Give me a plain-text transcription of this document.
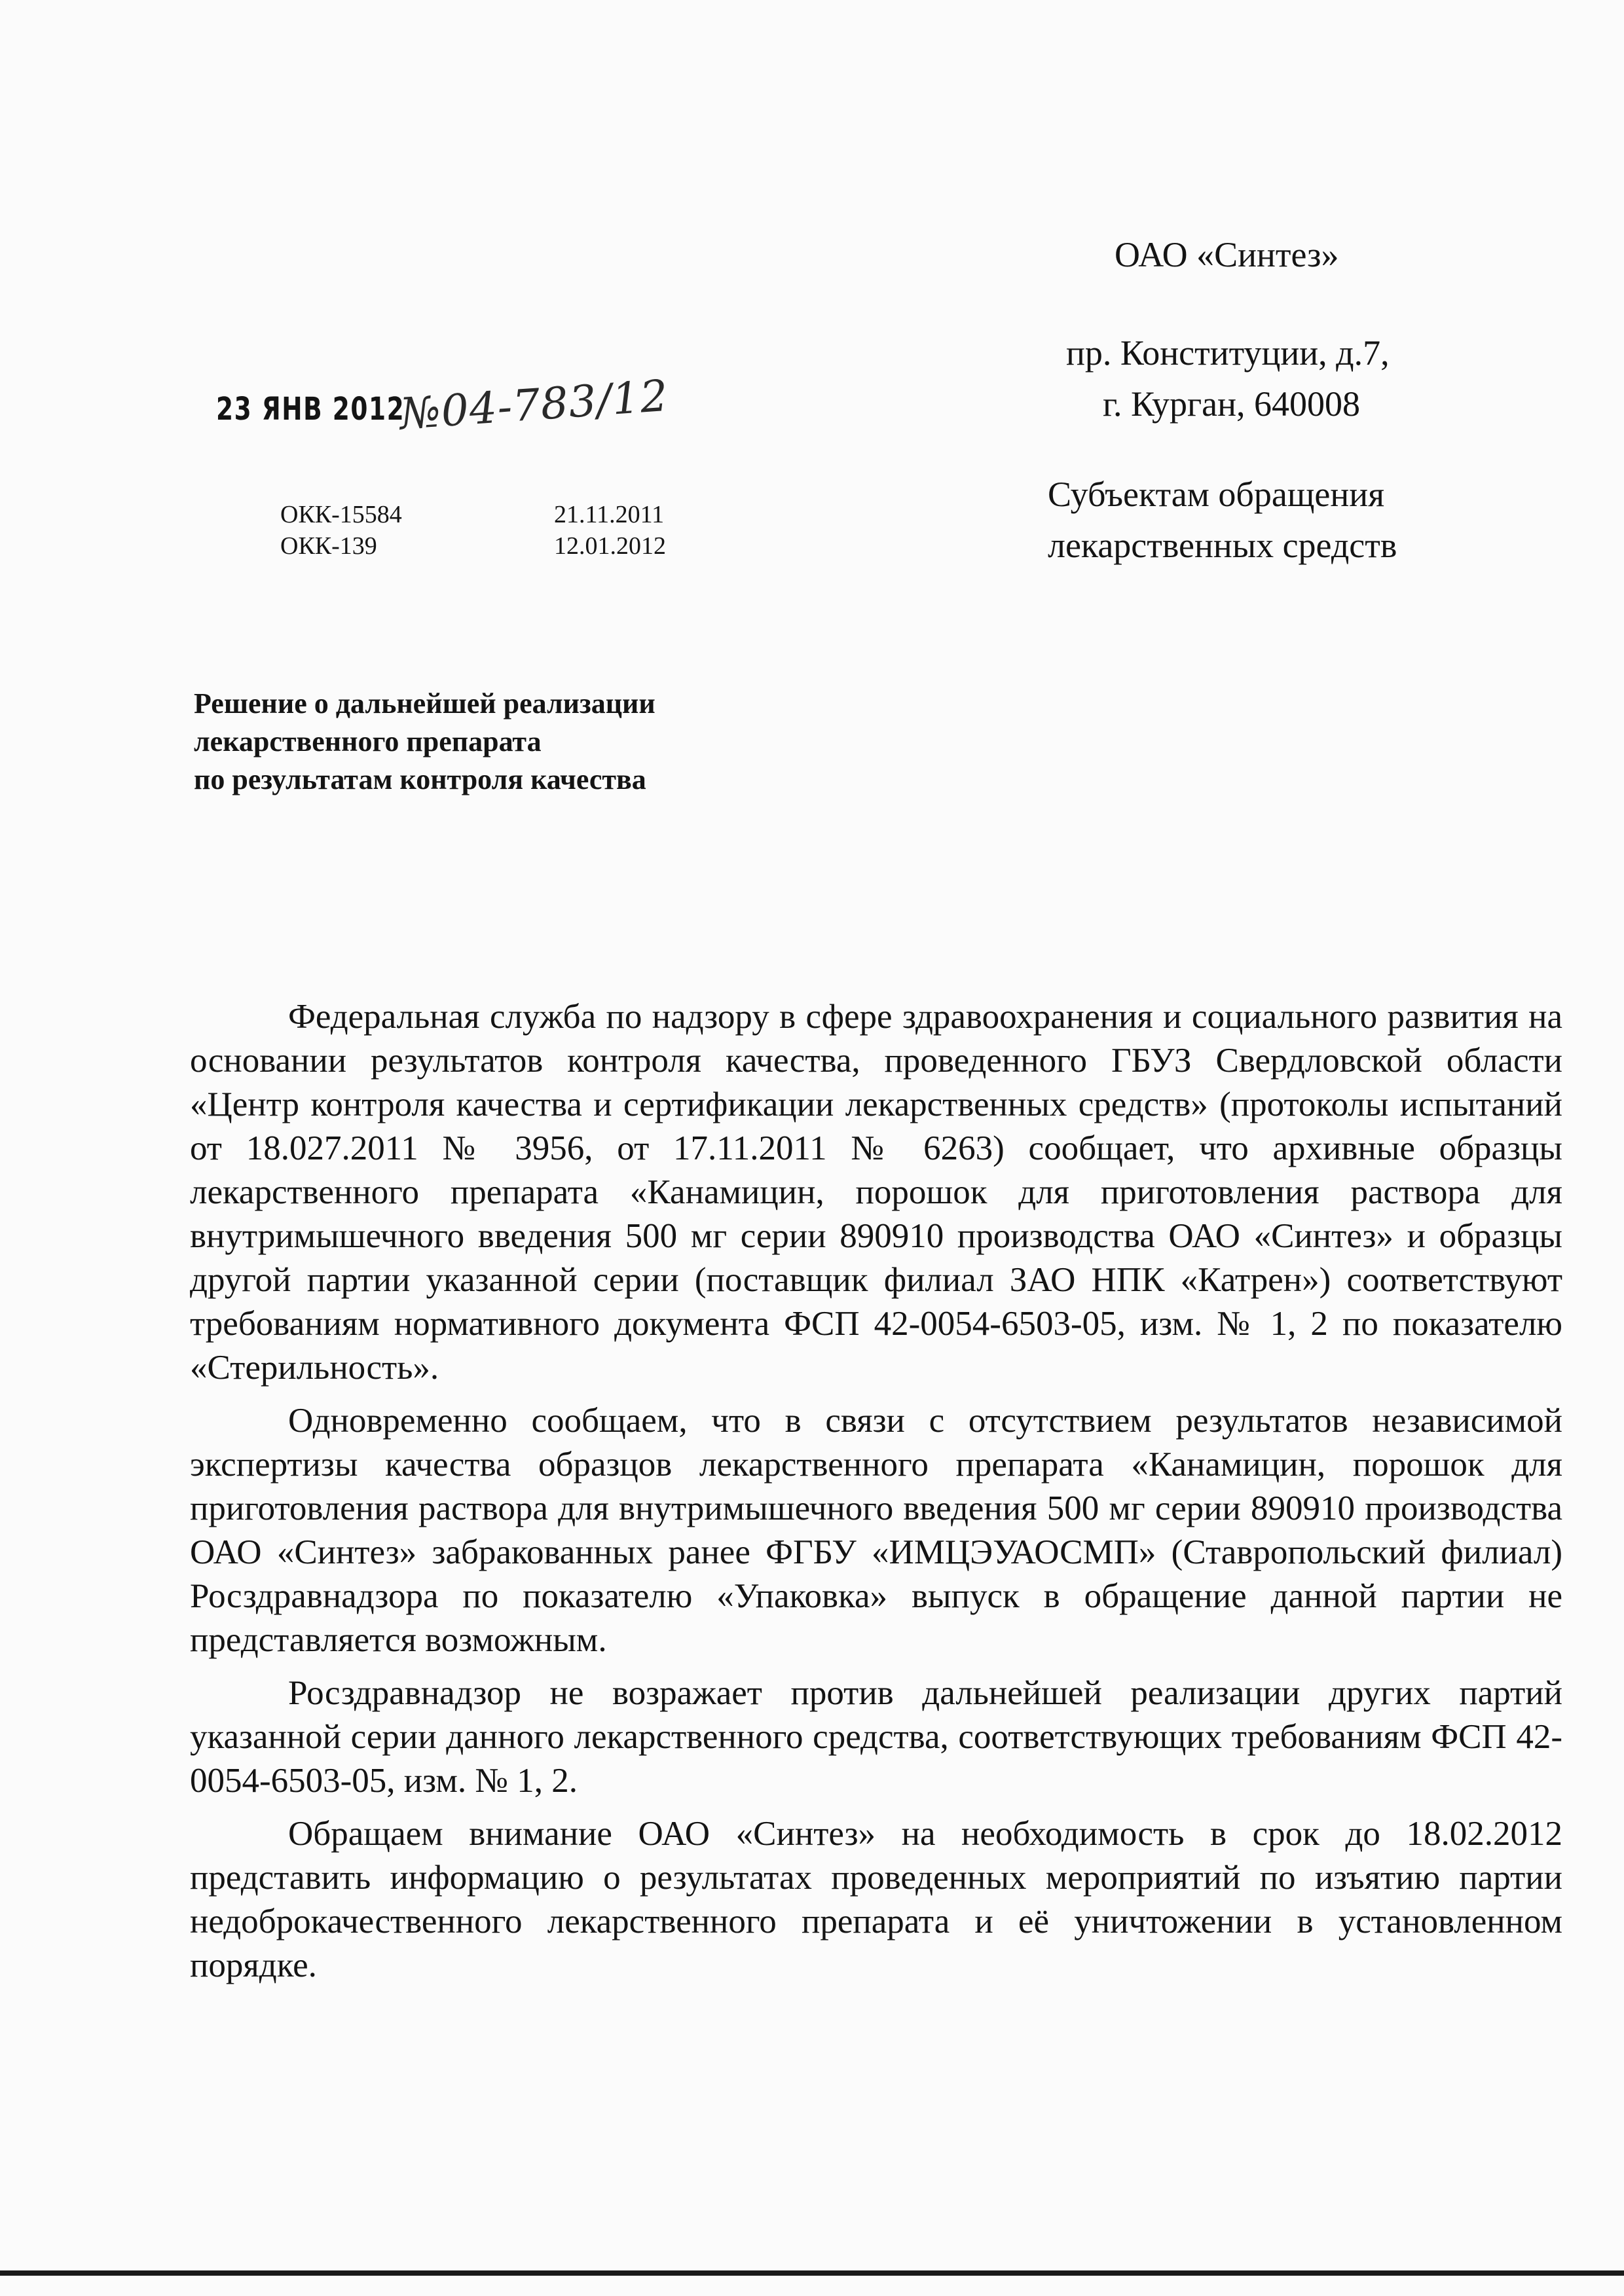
ОАО «Синтез»
пр. Конституции, д.7,
г. Курган, 640008
Субъектам обращения
лекарственных средств
23 ЯНВ 2012
№04-783/12
ОКК-15584	21.11.2011
ОКК-139	12.01.2012
Решение о дальнейшей реализации
лекарственного препарата
по результатам контроля качества

Федеральная служба по надзору в сфере здравоохранения и социального развития на основании результатов контроля качества, проведенного ГБУЗ Свердловской области «Центр контроля качества и сертификации лекарственных средств» (протоколы испытаний от 18.027.2011 № 3956, от 17.11.2011 № 6263) сообщает, что архивные образцы лекарственного препарата «Канамицин, порошок для приготовления раствора для внутримышечного введения 500 мг серии 890910 производства ОАО «Синтез» и образцы другой партии указанной серии (поставщик филиал ЗАО НПК «Катрен») соответствуют требованиям нормативного документа ФСП 42-0054-6503-05, изм. № 1, 2 по показателю «Стерильность».

Одновременно сообщаем, что в связи с отсутствием результатов независимой экспертизы качества образцов лекарственного препарата «Канамицин, порошок для приготовления раствора для внутримышечного введения 500 мг серии 890910 производства ОАО «Синтез» забракованных ранее ФГБУ «ИМЦЭУАОСМП» (Ставропольский филиал) Росздравнадзора по показателю «Упаковка» выпуск в обращение данной партии не представляется возможным.

Росздравнадзор не возражает против дальнейшей реализации других партий указанной серии данного лекарственного средства, соответствующих требованиям ФСП 42-0054-6503-05, изм. № 1, 2.

Обращаем внимание ОАО «Синтез» на необходимость в срок до 18.02.2012 представить информацию о результатах проведенных мероприятий по изъятию партии недоброкачественного лекарственного препарата и её уничтожении в установленном порядке.
